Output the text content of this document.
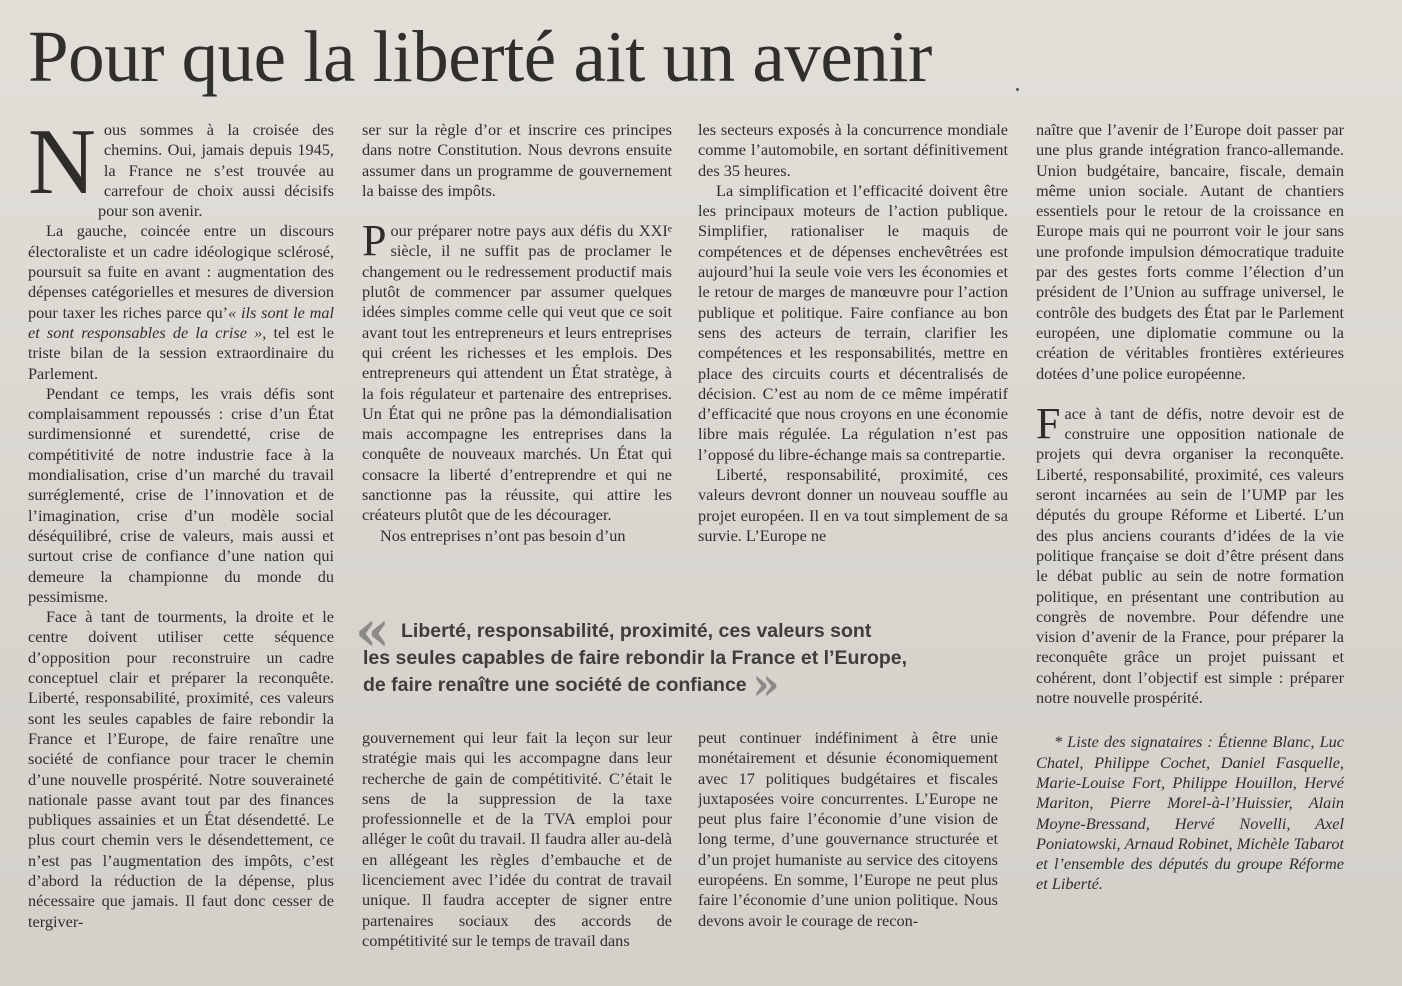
Pour que la liberté ait un avenir
N ous sommes à la croisée des chemins. Oui, jamais depuis 1945, la France ne s’est trouvée au carrefour de choix aussi décisifs pour son avenir.

La gauche, coincée entre un discours électoraliste et un cadre idéologique sclérosé, poursuit sa fuite en avant : augmentation des dépenses catégorielles et mesures de diversion pour taxer les riches parce qu’« ils sont le mal et sont responsables de la crise », tel est le triste bilan de la session extraordinaire du Parlement.

Pendant ce temps, les vrais défis sont complaisamment repoussés : crise d’un État surdimensionné et surendetté, crise de compétitivité de notre industrie face à la mondialisation, crise d’un marché du travail surréglementé, crise de l’innovation et de l’imagination, crise d’un modèle social déséquilibré, crise de valeurs, mais aussi et surtout crise de confiance d’une nation qui demeure la championne du monde du pessimisme.

Face à tant de tourments, la droite et le centre doivent utiliser cette séquence d’opposition pour reconstruire un cadre conceptuel clair et préparer la reconquête. Liberté, responsabilité, proximité, ces valeurs sont les seules capables de faire rebondir la France et l’Europe, de faire renaître une société de confiance pour tracer le chemin d’une nouvelle prospérité. Notre souveraineté nationale passe avant tout par des finances publiques assainies et un État désendetté. Le plus court chemin vers le désendettement, ce n’est pas l’augmentation des impôts, c’est d’abord la réduction de la dépense, plus nécessaire que jamais. Il faut donc cesser de tergiver-

ser sur la règle d’or et inscrire ces principes dans notre Constitution. Nous devrons ensuite assumer dans un programme de gouvernement la baisse des impôts.

Pour préparer notre pays aux défis du XXIᵉ siècle, il ne suffit pas de proclamer le changement ou le redressement productif mais plutôt de commencer par assumer quelques idées simples comme celle qui veut que ce soit avant tout les entrepreneurs et leurs entreprises qui créent les richesses et les emplois. Des entrepreneurs qui attendent un État stratège, à la fois régulateur et partenaire des entreprises. Un État qui ne prône pas la démondialisation mais accompagne les entreprises dans la conquête de nouveaux marchés. Un État qui consacre la liberté d’entreprendre et qui ne sanctionne pas la réussite, qui attire les créateurs plutôt que de les décourager.

Nos entreprises n’ont pas besoin d’un

les secteurs exposés à la concurrence mondiale comme l’automobile, en sortant définitivement des 35 heures.

La simplification et l’efficacité doivent être les principaux moteurs de l’action publique. Simplifier, rationaliser le maquis de compétences et de dépenses enchevêtrées est aujourd’hui la seule voie vers les économies et le retour de marges de manœuvre pour l’action publique et politique. Faire confiance au bon sens des acteurs de terrain, clarifier les compétences et les responsabilités, mettre en place des circuits courts et décentralisés de décision. C’est au nom de ce même impératif d’efficacité que nous croyons en une économie libre mais régulée. La régulation n’est pas l’opposé du libre-échange mais sa contrepartie.

Liberté, responsabilité, proximité, ces valeurs devront donner un nouveau souffle au projet européen. Il en va tout simplement de sa survie. L’Europe ne

« Liberté, responsabilité, proximité, ces valeurs sont
les seules capables de faire rebondir la France et l’Europe,
de faire renaître une société de confiance »

gouvernement qui leur fait la leçon sur leur stratégie mais qui les accompagne dans leur recherche de gain de compétitivité. C’était le sens de la suppression de la taxe professionnelle et de la TVA emploi pour alléger le coût du travail. Il faudra aller au-delà en allégeant les règles d’embauche et de licenciement avec l’idée du contrat de travail unique. Il faudra accepter de signer entre partenaires sociaux des accords de compétitivité sur le temps de travail dans

peut continuer indéfiniment à être unie monétairement et désunie économiquement avec 17 politiques budgétaires et fiscales juxtaposées voire concurrentes. L’Europe ne peut plus faire l’économie d’une vision de long terme, d’une gouvernance structurée et d’un projet humaniste au service des citoyens européens. En somme, l’Europe ne peut plus faire l’économie d’une union politique. Nous devons avoir le courage de recon-

naître que l’avenir de l’Europe doit passer par une plus grande intégration franco-allemande. Union budgétaire, bancaire, fiscale, demain même union sociale. Autant de chantiers essentiels pour le retour de la croissance en Europe mais qui ne pourront voir le jour sans une profonde impulsion démocratique traduite par des gestes forts comme l’élection d’un président de l’Union au suffrage universel, le contrôle des budgets des État par le Parlement européen, une diplomatie commune ou la création de véritables frontières extérieures dotées d’une police européenne.

Face à tant de défis, notre devoir est de construire une opposition nationale de projets qui devra organiser la reconquête. Liberté, responsabilité, proximité, ces valeurs seront incarnées au sein de l’UMP par les députés du groupe Réforme et Liberté. L’un des plus anciens courants d’idées de la vie politique française se doit d’être présent dans le débat public au sein de notre formation politique, en présentant une contribution au congrès de novembre. Pour défendre une vision d’avenir de la France, pour préparer la reconquête grâce un projet puissant et cohérent, dont l’objectif est simple : préparer notre nouvelle prospérité.

* Liste des signataires : Étienne Blanc, Luc Chatel, Philippe Cochet, Daniel Fasquelle, Marie-Louise Fort, Philippe Houillon, Hervé Mariton, Pierre Morel-à-l’Huissier, Alain Moyne-Bressand, Hervé Novelli, Axel Poniatowski, Arnaud Robinet, Michèle Tabarot et l’ensemble des députés du groupe Réforme et Liberté.
